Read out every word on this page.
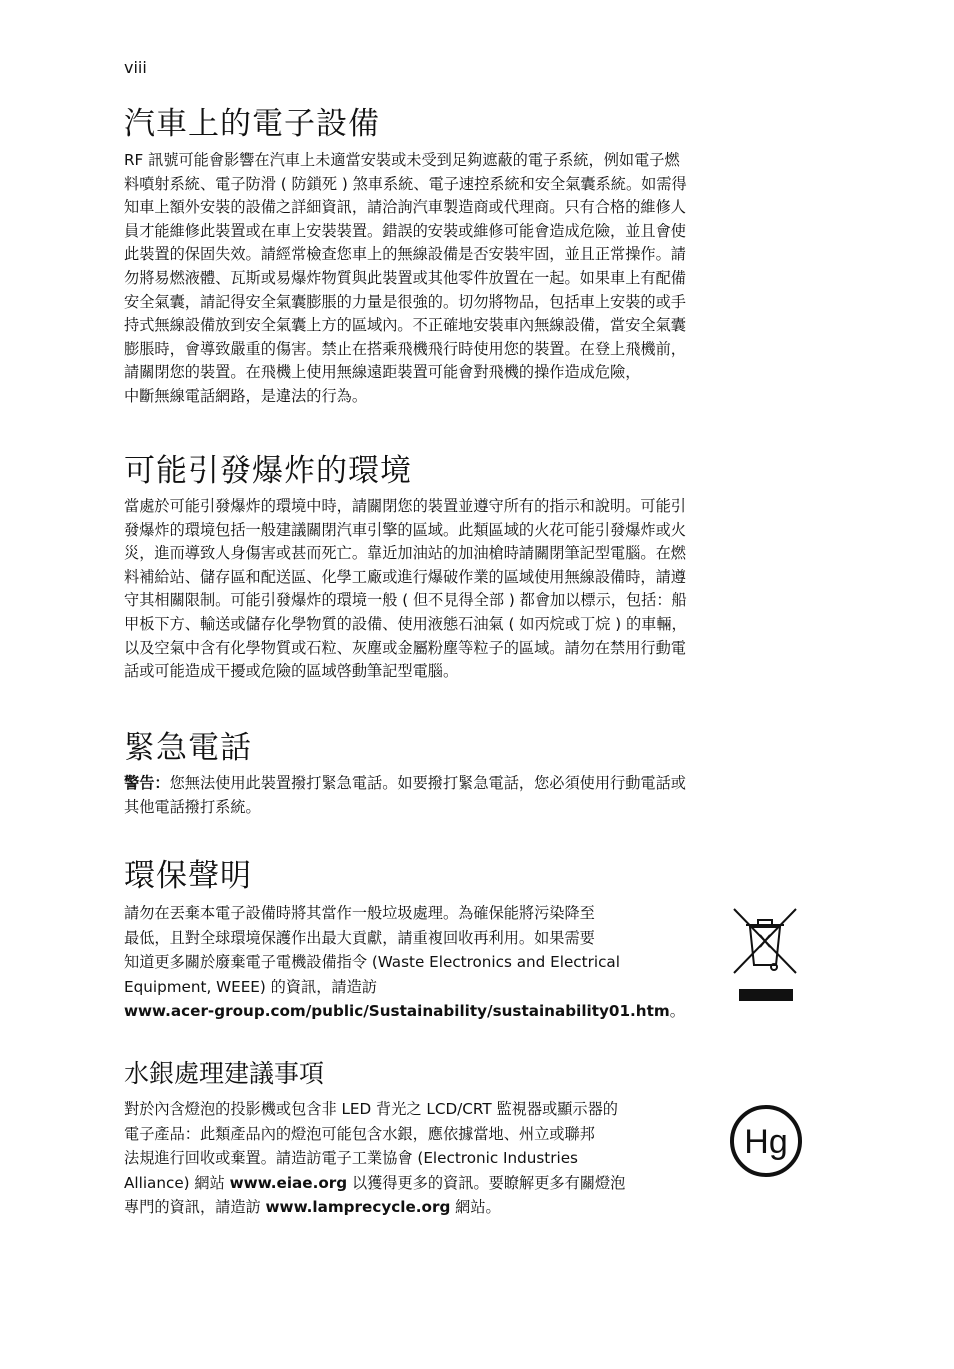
viii
汽車上的電子設備
RF 訊號可能會影響在汽車上未適當安裝或未受到足夠遮蔽的電子系統，例如電子燃
料噴射系統、電子防滑 ( 防鎖死 ) 煞車系統、電子速控系統和安全氣囊系統。如需得
知車上額外安裝的設備之詳細資訊，請洽詢汽車製造商或代理商。只有合格的維修人
員才能維修此裝置或在車上安裝裝置。錯誤的安裝或維修可能會造成危險，並且會使
此裝置的保固失效。請經常檢查您車上的無線設備是否安裝牢固，並且正常操作。請
勿將易燃液體、瓦斯或易爆炸物質與此裝置或其他零件放置在一起。如果車上有配備
安全氣囊，請記得安全氣囊膨脹的力量是很強的。切勿將物品，包括車上安裝的或手
持式無線設備放到安全氣囊上方的區域內。不正確地安裝車內無線設備，當安全氣囊
膨脹時，會導致嚴重的傷害。禁止在搭乘飛機飛行時使用您的裝置。在登上飛機前，
請關閉您的裝置。在飛機上使用無線遠距裝置可能會對飛機的操作造成危險，
中斷無線電話網路，是違法的行為。
可能引發爆炸的環境
當處於可能引發爆炸的環境中時，請關閉您的裝置並遵守所有的指示和說明。可能引
發爆炸的環境包括一般建議關閉汽車引擎的區域。此類區域的火花可能引發爆炸或火
災，進而導致人身傷害或甚而死亡。靠近加油站的加油槍時請關閉筆記型電腦。在燃
料補給站、儲存區和配送區、化學工廠或進行爆破作業的區域使用無線設備時，請遵
守其相關限制。可能引發爆炸的環境一般 ( 但不見得全部 ) 都會加以標示，包括：船
甲板下方、輸送或儲存化學物質的設備、使用液態石油氣 ( 如丙烷或丁烷 ) 的車輛，
以及空氣中含有化學物質或石粒、灰塵或金屬粉塵等粒子的區域。請勿在禁用行動電
話或可能造成干擾或危險的區域啓動筆記型電腦。
緊急電話
警告：您無法使用此裝置撥打緊急電話。如要撥打緊急電話，您必須使用行動電話或
其他電話撥打系統。
環保聲明
請勿在丟棄本電子設備時將其當作一般垃圾處理。為確保能將污染降至
最低，且對全球環境保護作出最大貢獻，請重複回收再利用。如果需要
知道更多關於廢棄電子電機設備指令 (Waste Electronics and Electrical
Equipment, WEEE) 的資訊，請造訪
www.acer-group.com/public/Sustainability/sustainability01.htm。
水銀處理建議事項
對於內含燈泡的投影機或包含非 LED 背光之 LCD/CRT 監視器或顯示器的
電子產品：此類產品內的燈泡可能包含水銀，應依據當地、州立或聯邦
法規進行回收或棄置。請造訪電子工業協會 (Electronic Industries
Alliance) 網站 www.eiae.org 以獲得更多的資訊。要瞭解更多有關燈泡
專門的資訊，請造訪 www.lamprecycle.org 網站。
Hg
